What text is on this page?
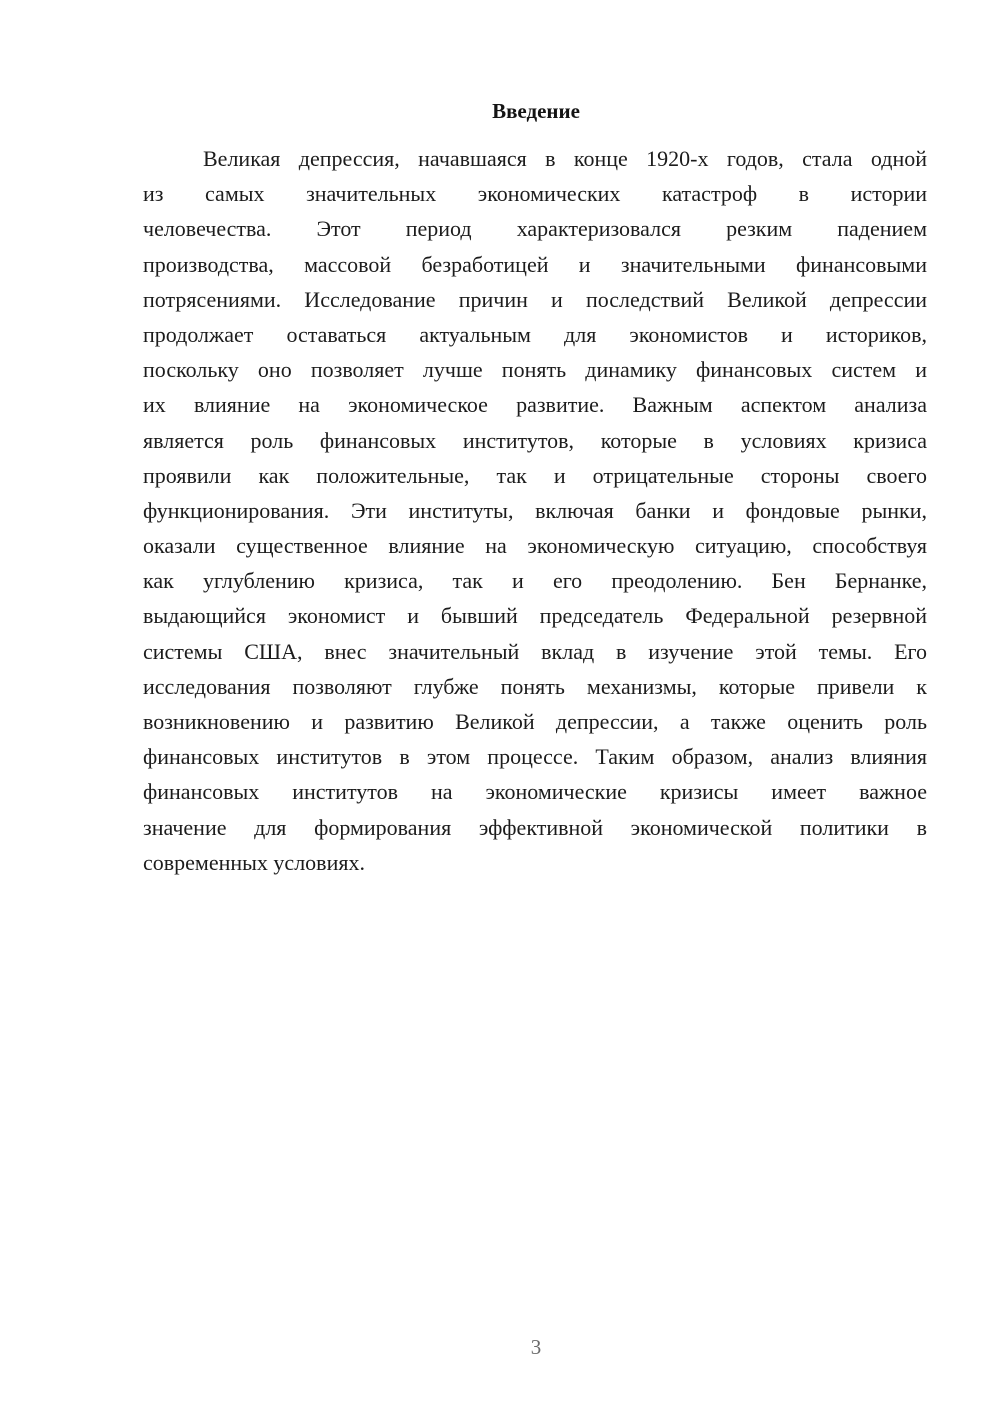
Введение
Великая депрессия, начавшаяся в конце 1920-х годов, стала одной
из самых значительных экономических катастроф в истории
человечества. Этот период характеризовался резким падением
производства, массовой безработицей и значительными финансовыми
потрясениями. Исследование причин и последствий Великой депрессии
продолжает оставаться актуальным для экономистов и историков,
поскольку оно позволяет лучше понять динамику финансовых систем и
их влияние на экономическое развитие. Важным аспектом анализа
является роль финансовых институтов, которые в условиях кризиса
проявили как положительные, так и отрицательные стороны своего
функционирования. Эти институты, включая банки и фондовые рынки,
оказали существенное влияние на экономическую ситуацию, способствуя
как углублению кризиса, так и его преодолению. Бен Бернанке,
выдающийся экономист и бывший председатель Федеральной резервной
системы США, внес значительный вклад в изучение этой темы. Его
исследования позволяют глубже понять механизмы, которые привели к
возникновению и развитию Великой депрессии, а также оценить роль
финансовых институтов в этом процессе. Таким образом, анализ влияния
финансовых институтов на экономические кризисы имеет важное
значение для формирования эффективной экономической политики в
современных условиях.
3
